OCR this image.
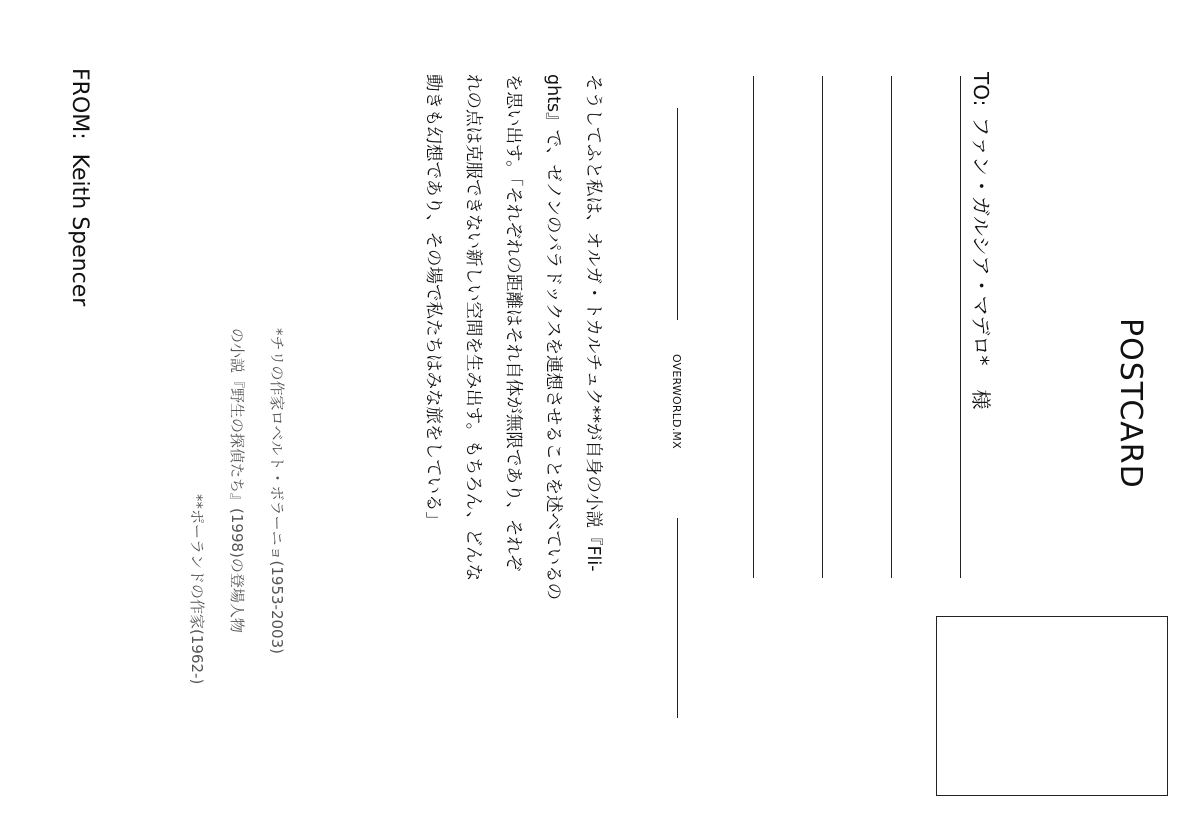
POSTCARD
TO:ファン・ガルシア・マデロ*様
OVERWORLD.MX
そうしてふと私は、オルガ・トカルチュク**が自身の小説『Fli-
ghts』で、ゼノンのパラドックスを連想させることを述べているの
を思い出す。「それぞれの距離はそれ自体が無限であり、それぞ
れの点は克服できない新しい空間を生み出す。もちろん、どんな
動きも幻想であり、その場で私たちはみな旅をしている」
*チリの作家ロベルト・ボラーニョ(1953-2003)
の小説『野生の探偵たち』(1998)の登場人物
**ポーランドの作家(1962-)
FROM:Keith Spencer
